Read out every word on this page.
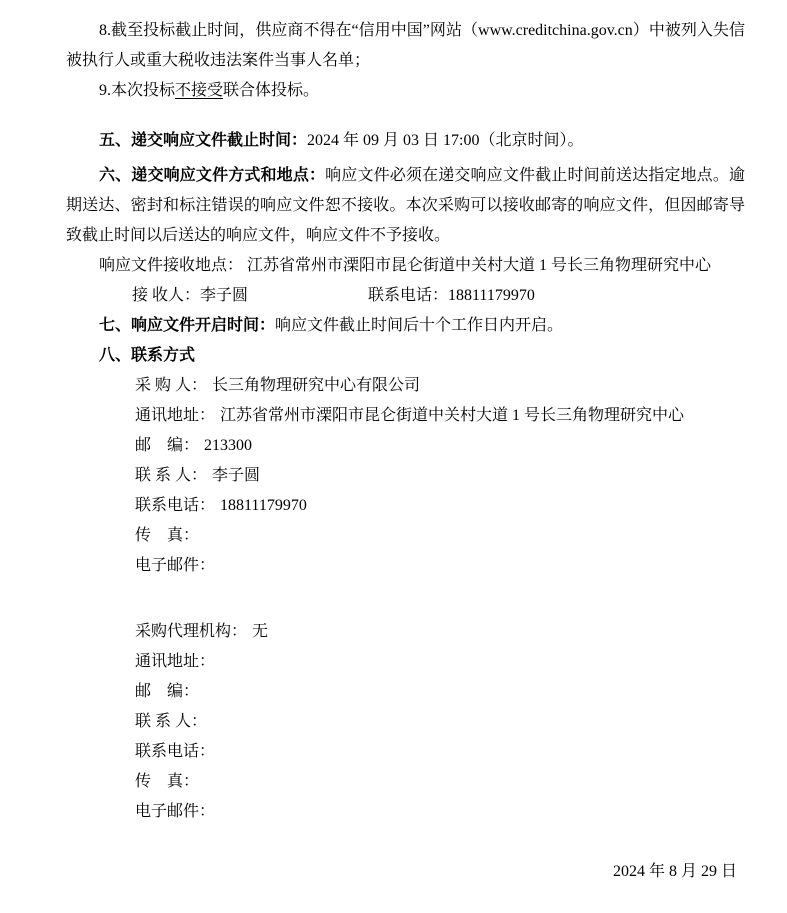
8.截至投标截止时间，供应商不得在“信用中国”网站（www.creditchina.gov.cn）中被列入失信被执行人或重大税收违法案件当事人名单；

9.本次投标不接受联合体投标。

五、递交响应文件截止时间：2024 年 09 月 03 日 17:00（北京时间）。

六、递交响应文件方式和地点：响应文件必须在递交响应文件截止时间前送达指定地点。逾期送达、密封和标注错误的响应文件恕不接收。本次采购可以接收邮寄的响应文件，但因邮寄导致截止时间以后送达的响应文件，响应文件不予接收。

响应文件接收地点： 江苏省常州市溧阳市昆仑街道中关村大道 1 号长三角物理研究中心

接 收人：李子圆	联系电话：18811179970

七、响应文件开启时间：响应文件截止时间后十个工作日内开启。

八、联系方式

采 购 人： 长三角物理研究中心有限公司

通讯地址： 江苏省常州市溧阳市昆仑街道中关村大道 1 号长三角物理研究中心

邮    编： 213300

联 系 人： 李子圆

联系电话： 18811179970

传    真：

电子邮件：

采购代理机构： 无

通讯地址：

邮    编：

联 系 人：

联系电话：

传    真：

电子邮件：

2024 年 8 月 29 日
